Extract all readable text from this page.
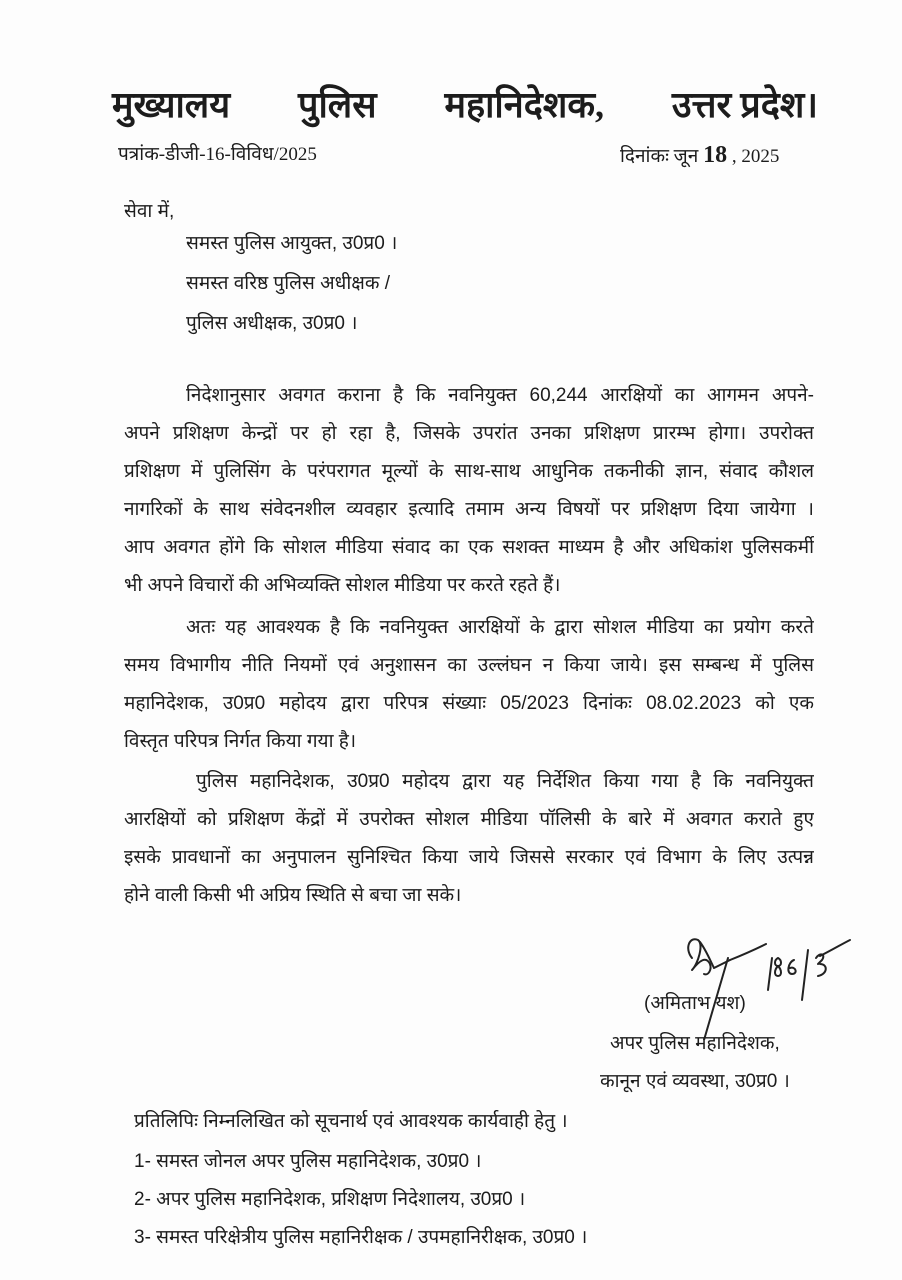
मुख्यालय पुलिस महानिदेशक, उत्तर प्रदेश।
पत्रांक-डीजी-16-विविध/2025	दिनांकः जून 18 , 2025
सेवा में,
समस्त पुलिस आयुक्त, उ0प्र0 ।
समस्त वरिष्ठ पुलिस अधीक्षक /
पुलिस अधीक्षक, उ0प्र0 ।
निदेशानुसार अवगत कराना है कि नवनियुक्त 60,244 आरक्षियों का आगमन अपने-
अपने प्रशिक्षण केन्द्रों पर हो रहा है, जिसके उपरांत उनका प्रशिक्षण प्रारम्भ होगा। उपरोक्त
प्रशिक्षण में पुलिसिंग के परंपरागत मूल्यों के साथ-साथ आधुनिक तकनीकी ज्ञान, संवाद कौशल
नागरिकों के साथ संवेदनशील व्यवहार इत्यादि तमाम अन्य विषयों पर प्रशिक्षण दिया जायेगा ।
आप अवगत होंगे कि सोशल मीडिया संवाद का एक सशक्त माध्यम है और अधिकांश पुलिसकर्मी
भी अपने विचारों की अभिव्यक्ति सोशल मीडिया पर करते रहते हैं।
अतः यह आवश्यक है कि नवनियुक्त आरक्षियों के द्वारा सोशल मीडिया का प्रयोग करते
समय विभागीय नीति नियमों एवं अनुशासन का उल्लंघन न किया जाये। इस सम्बन्ध में पुलिस
महानिदेशक, उ0प्र0 महोदय द्वारा परिपत्र संख्याः 05/2023 दिनांकः 08.02.2023 को एक
विस्तृत परिपत्र निर्गत किया गया है।
पुलिस महानिदेशक, उ0प्र0 महोदय द्वारा यह निर्देशित किया गया है कि नवनियुक्त
आरक्षियों को प्रशिक्षण केंद्रों में उपरोक्त सोशल मीडिया पॉलिसी के बारे में अवगत कराते हुए
इसके प्रावधानों का अनुपालन सुनिश्चित किया जाये जिससे सरकार एवं विभाग के लिए उत्पन्न
होने वाली किसी भी अप्रिय स्थिति से बचा जा सके।
(अमिताभ यश)
अपर पुलिस महानिदेशक,
कानून एवं व्यवस्था, उ0प्र0 ।
प्रतिलिपिः निम्नलिखित को सूचनार्थ एवं आवश्यक कार्यवाही हेतु ।
1- समस्त जोनल अपर पुलिस महानिदेशक, उ0प्र0 ।
2- अपर पुलिस महानिदेशक, प्रशिक्षण निदेशालय, उ0प्र0 ।
3- समस्त परिक्षेत्रीय पुलिस महानिरीक्षक / उपमहानिरीक्षक, उ0प्र0 ।
